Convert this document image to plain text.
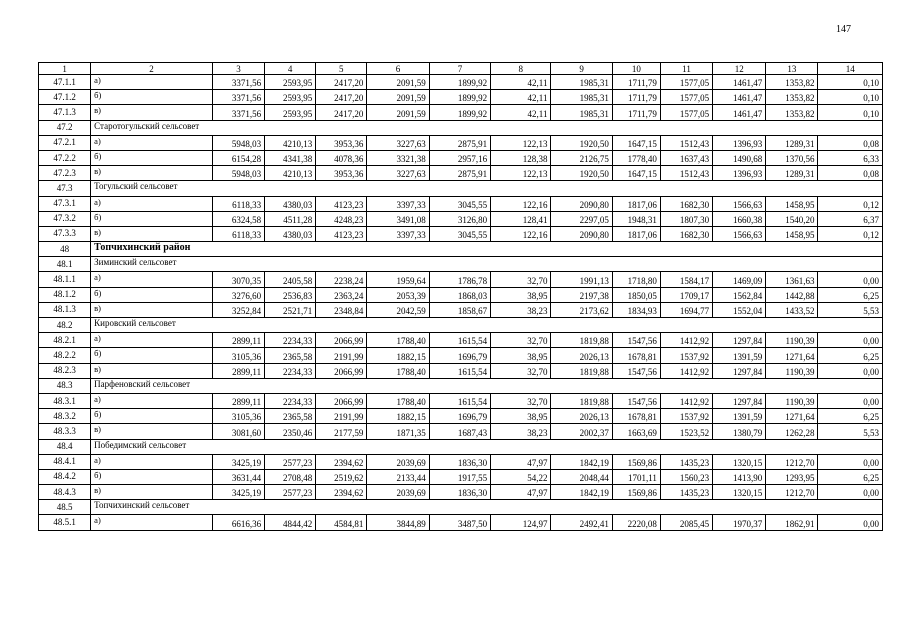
147
1	2	3	4	5	6	7	8	9	10	11	12	13	14
47.1.1	а)	3371,56	2593,95	2417,20	2091,59	1899,92	42,11	1985,31	1711,79	1577,05	1461,47	1353,82	0,10
47.1.2	б)	3371,56	2593,95	2417,20	2091,59	1899,92	42,11	1985,31	1711,79	1577,05	1461,47	1353,82	0,10
47.1.3	в)	3371,56	2593,95	2417,20	2091,59	1899,92	42,11	1985,31	1711,79	1577,05	1461,47	1353,82	0,10
47.2	Старотогульский сельсовет												
47.2.1	а)	5948,03	4210,13	3953,36	3227,63	2875,91	122,13	1920,50	1647,15	1512,43	1396,93	1289,31	0,08
47.2.2	б)	6154,28	4341,38	4078,36	3321,38	2957,16	128,38	2126,75	1778,40	1637,43	1490,68	1370,56	6,33
47.2.3	в)	5948,03	4210,13	3953,36	3227,63	2875,91	122,13	1920,50	1647,15	1512,43	1396,93	1289,31	0,08
47.3	Тогульский сельсовет												
47.3.1	а)	6118,33	4380,03	4123,23	3397,33	3045,55	122,16	2090,80	1817,06	1682,30	1566,63	1458,95	0,12
47.3.2	б)	6324,58	4511,28	4248,23	3491,08	3126,80	128,41	2297,05	1948,31	1807,30	1660,38	1540,20	6,37
47.3.3	в)	6118,33	4380,03	4123,23	3397,33	3045,55	122,16	2090,80	1817,06	1682,30	1566,63	1458,95	0,12
48	Топчихинский район												
48.1	Зиминский сельсовет												
48.1.1	а)	3070,35	2405,58	2238,24	1959,64	1786,78	32,70	1991,13	1718,80	1584,17	1469,09	1361,63	0,00
48.1.2	б)	3276,60	2536,83	2363,24	2053,39	1868,03	38,95	2197,38	1850,05	1709,17	1562,84	1442,88	6,25
48.1.3	в)	3252,84	2521,71	2348,84	2042,59	1858,67	38,23	2173,62	1834,93	1694,77	1552,04	1433,52	5,53
48.2	Кировский сельсовет												
48.2.1	а)	2899,11	2234,33	2066,99	1788,40	1615,54	32,70	1819,88	1547,56	1412,92	1297,84	1190,39	0,00
48.2.2	б)	3105,36	2365,58	2191,99	1882,15	1696,79	38,95	2026,13	1678,81	1537,92	1391,59	1271,64	6,25
48.2.3	в)	2899,11	2234,33	2066,99	1788,40	1615,54	32,70	1819,88	1547,56	1412,92	1297,84	1190,39	0,00
48.3	Парфеновский сельсовет												
48.3.1	а)	2899,11	2234,33	2066,99	1788,40	1615,54	32,70	1819,88	1547,56	1412,92	1297,84	1190,39	0,00
48.3.2	б)	3105,36	2365,58	2191,99	1882,15	1696,79	38,95	2026,13	1678,81	1537,92	1391,59	1271,64	6,25
48.3.3	в)	3081,60	2350,46	2177,59	1871,35	1687,43	38,23	2002,37	1663,69	1523,52	1380,79	1262,28	5,53
48.4	Победимский сельсовет												
48.4.1	а)	3425,19	2577,23	2394,62	2039,69	1836,30	47,97	1842,19	1569,86	1435,23	1320,15	1212,70	0,00
48.4.2	б)	3631,44	2708,48	2519,62	2133,44	1917,55	54,22	2048,44	1701,11	1560,23	1413,90	1293,95	6,25
48.4.3	в)	3425,19	2577,23	2394,62	2039,69	1836,30	47,97	1842,19	1569,86	1435,23	1320,15	1212,70	0,00
48.5	Топчихинский сельсовет												
48.5.1	а)	6616,36	4844,42	4584,81	3844,89	3487,50	124,97	2492,41	2220,08	2085,45	1970,37	1862,91	0,00
